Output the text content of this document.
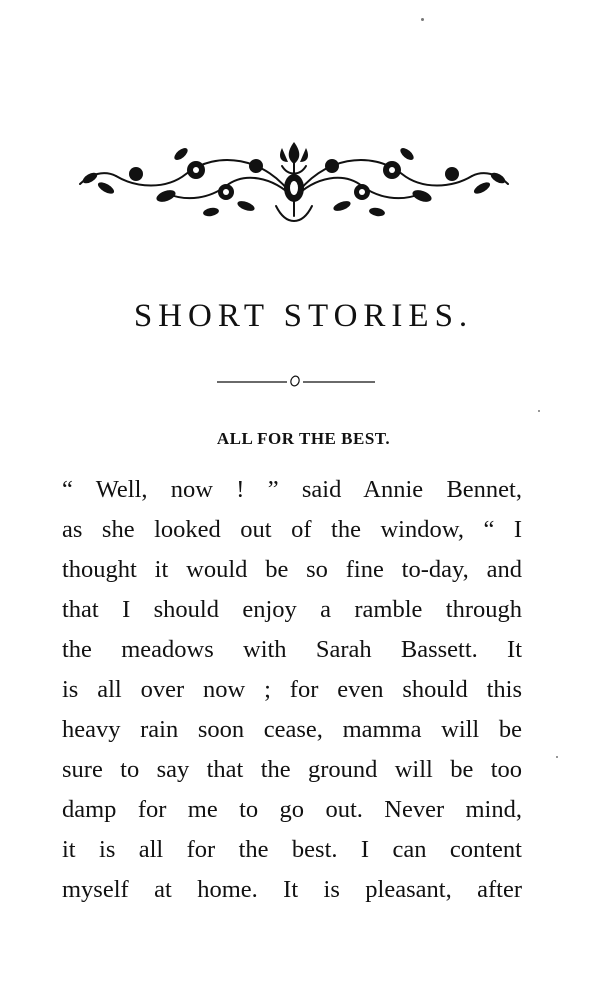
SHORT STORIES.
ALL FOR THE BEST.
“ Well, now ! ” said Annie Bennet,
as she looked out of the window, “ I
thought it would be so fine to-day, and
that I should enjoy a ramble through
the meadows with Sarah Bassett. It
is all over now ; for even should this
heavy rain soon cease, mamma will be
sure to say that the ground will be too
damp for me to go out. Never mind,
it is all for the best. I can content
myself at home. It is pleasant, after
